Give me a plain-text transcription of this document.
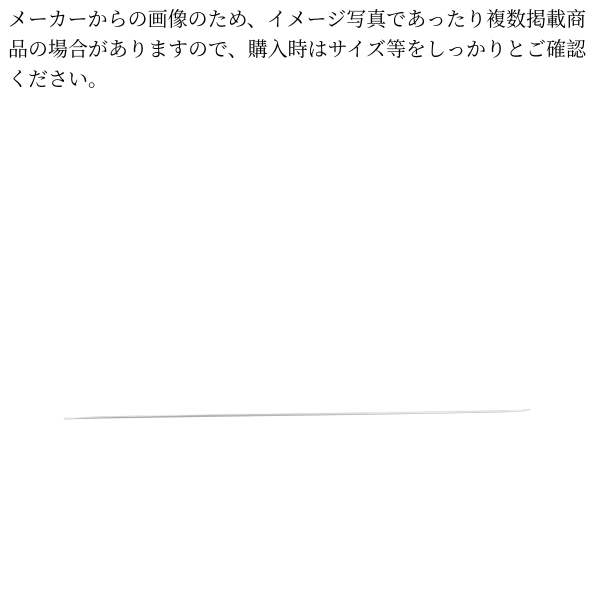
メーカーからの画像のため、イメージ写真であったり複数掲載商品の場合がありますので、購入時はサイズ等をしっかりとご確認ください。
